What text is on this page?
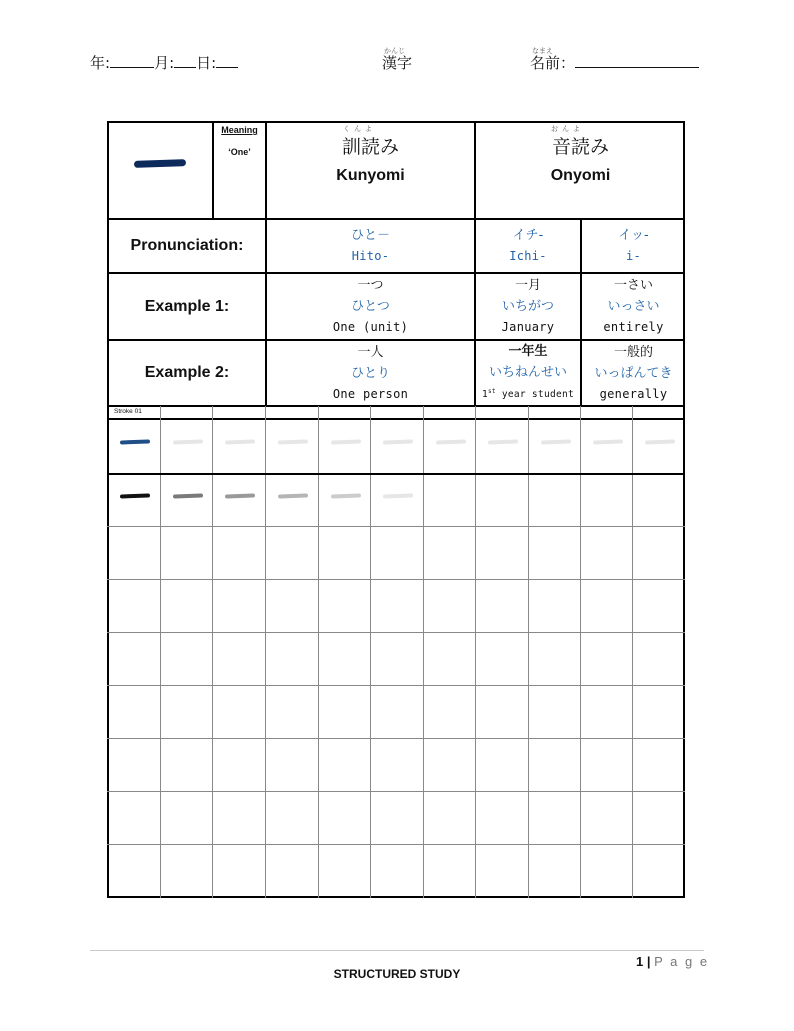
年:	月: 日:
かんじ
漢字
なまえ
名前：
Meaning
‘One’
くんよ
訓読み
Kunyomi
おんよ
音読み
Onyomi
Pronunciation:
ひと－
Hito-
イチ-
Ichi-
イッ-
i-
Example 1:
一つ
ひとつ
One (unit)
一月
いちがつ
January
一さい
いっさい
entirely
Example 2:
一人
ひとり
One person
一年生
いちねんせい
1st year student
一般的
いっぱんてき
generally
Stroke 01
1 | P a g e
STRUCTURED STUDY
